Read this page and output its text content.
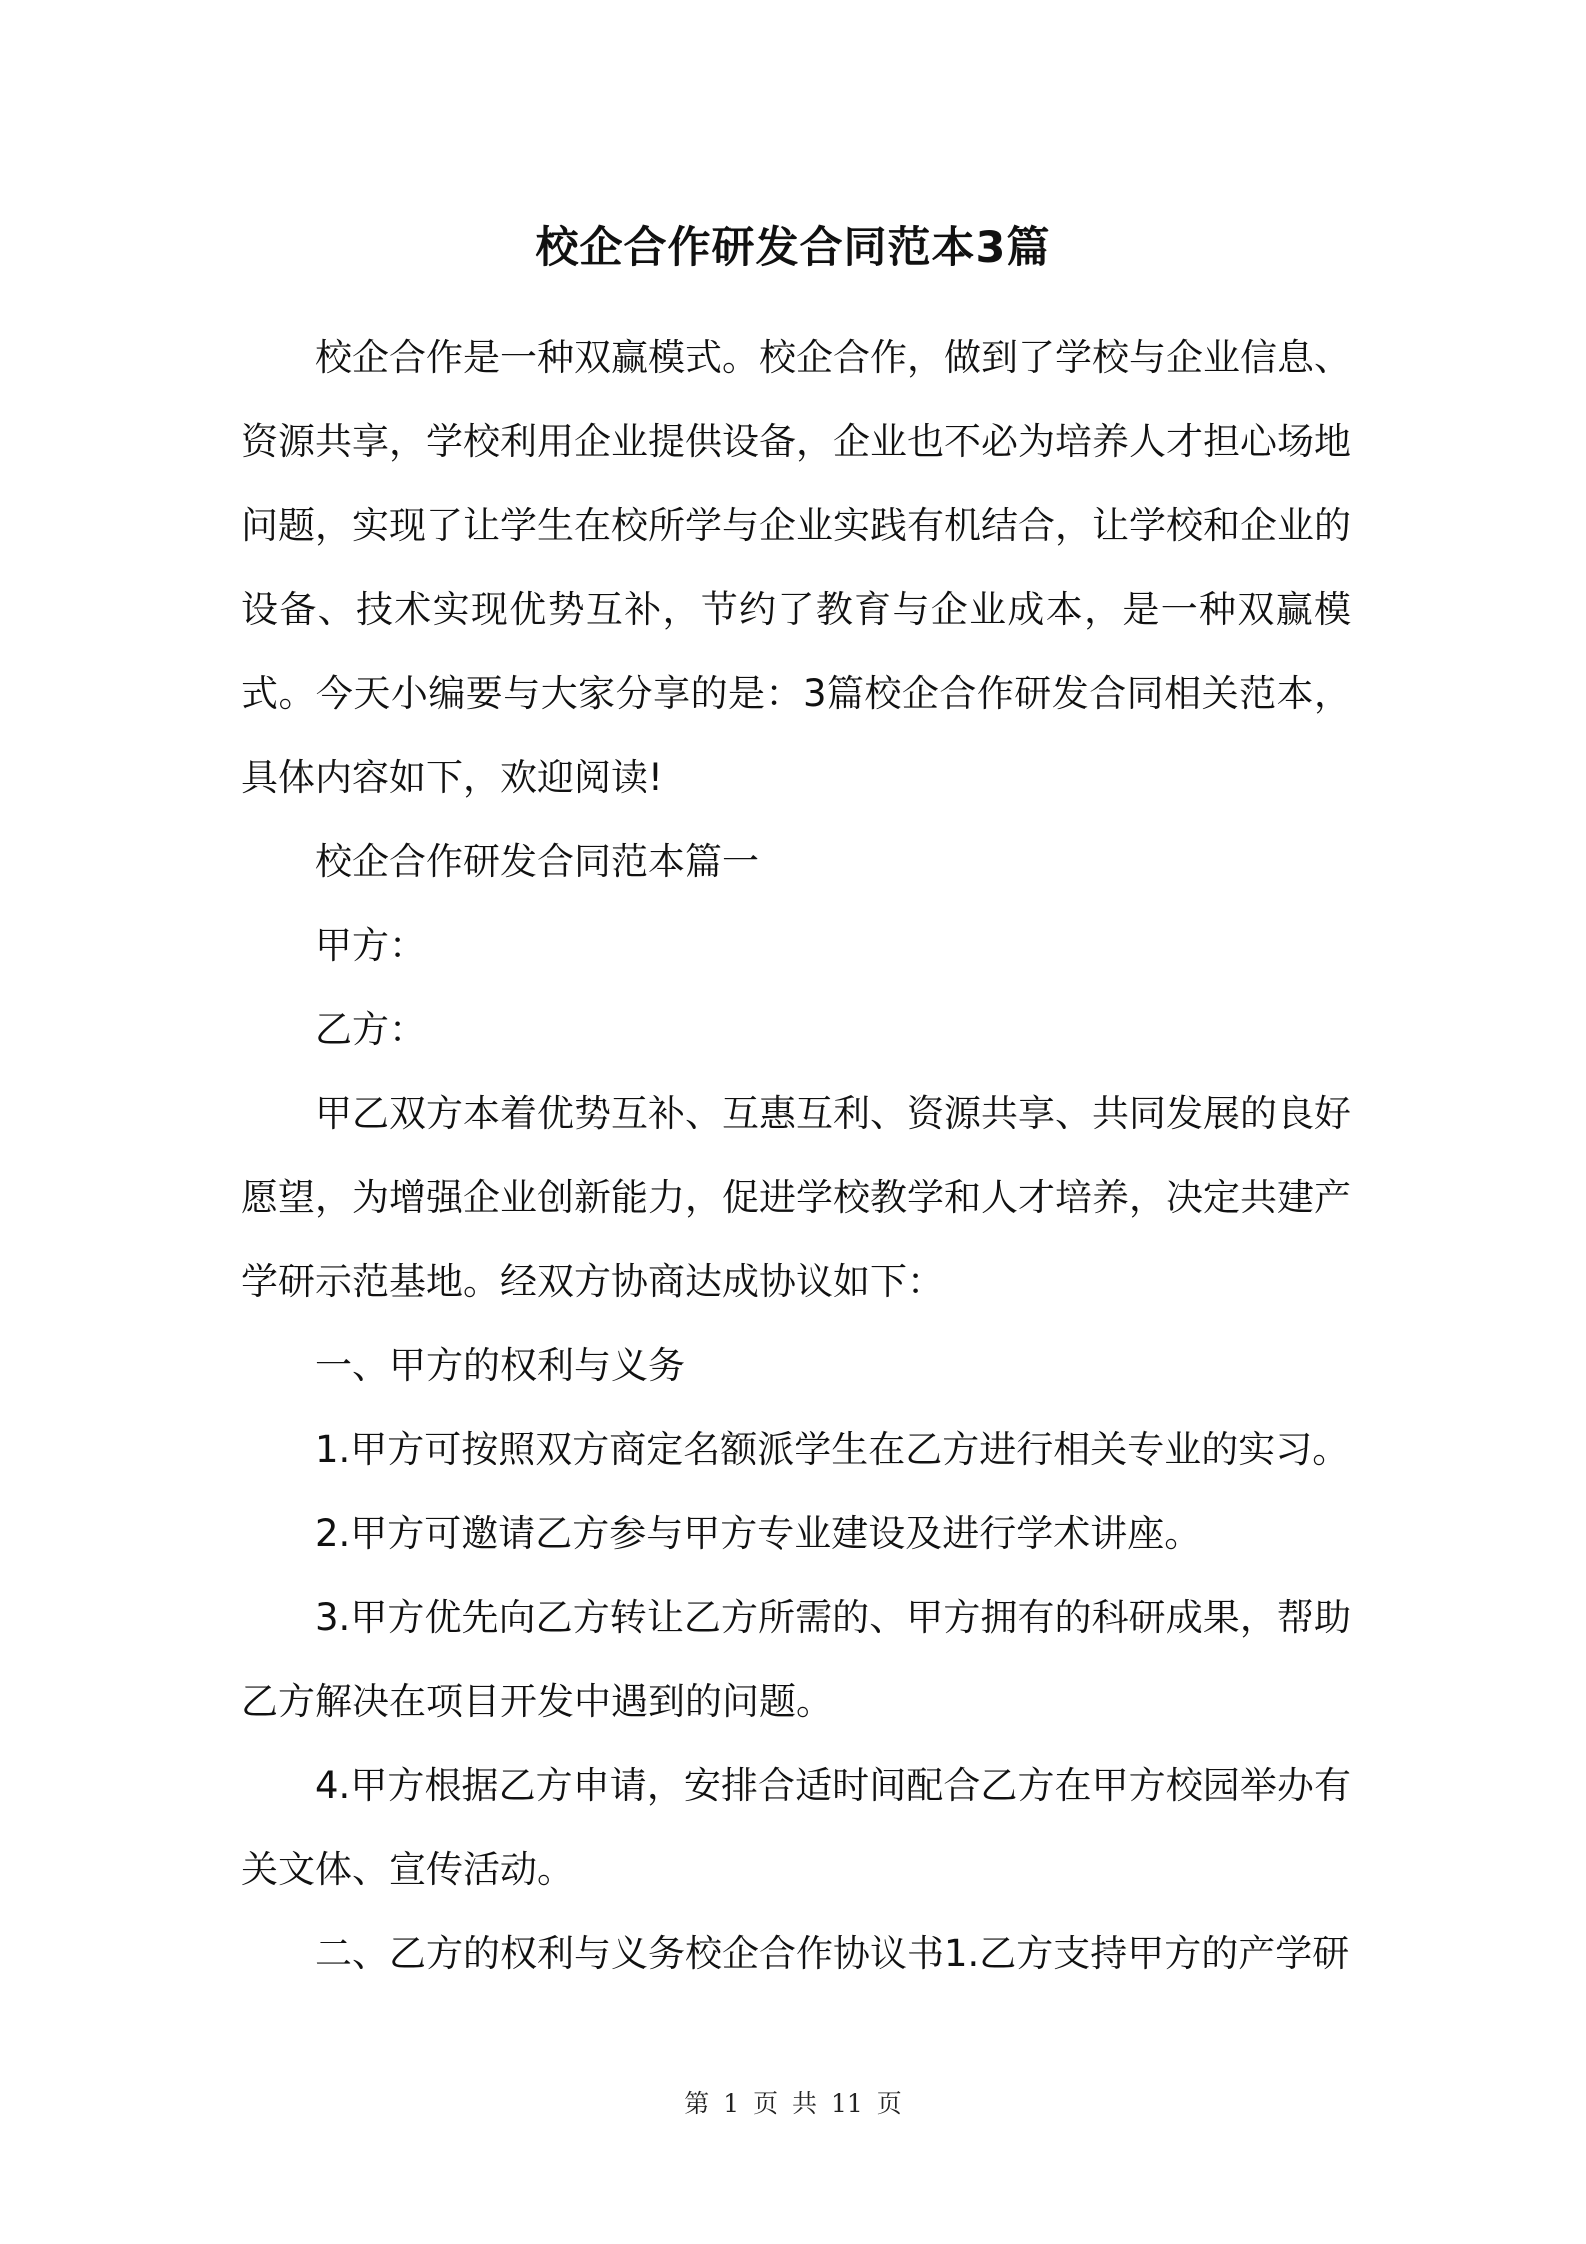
校企合作研发合同范本3篇

校企合作是一种双赢模式。校企合作，做到了学校与企业信息、资源共享，学校利用企业提供设备，企业也不必为培养人才担心场地问题，实现了让学生在校所学与企业实践有机结合，让学校和企业的设备、技术实现优势互补，节约了教育与企业成本，是一种双赢模式。今天小编要与大家分享的是：3篇校企合作研发合同相关范本，具体内容如下，欢迎阅读!

校企合作研发合同范本篇一

甲方：

乙方：

甲乙双方本着优势互补、互惠互利、资源共享、共同发展的良好愿望，为增强企业创新能力，促进学校教学和人才培养，决定共建产学研示范基地。经双方协商达成协议如下：

一、甲方的权利与义务

1.甲方可按照双方商定名额派学生在乙方进行相关专业的实习。

2.甲方可邀请乙方参与甲方专业建设及进行学术讲座。

3.甲方优先向乙方转让乙方所需的、甲方拥有的科研成果，帮助乙方解决在项目开发中遇到的问题。

4.甲方根据乙方申请，安排合适时间配合乙方在甲方校园举办有关文体、宣传活动。

二、乙方的权利与义务校企合作协议书1.乙方支持甲方的产学研

第 1 页 共 11 页
